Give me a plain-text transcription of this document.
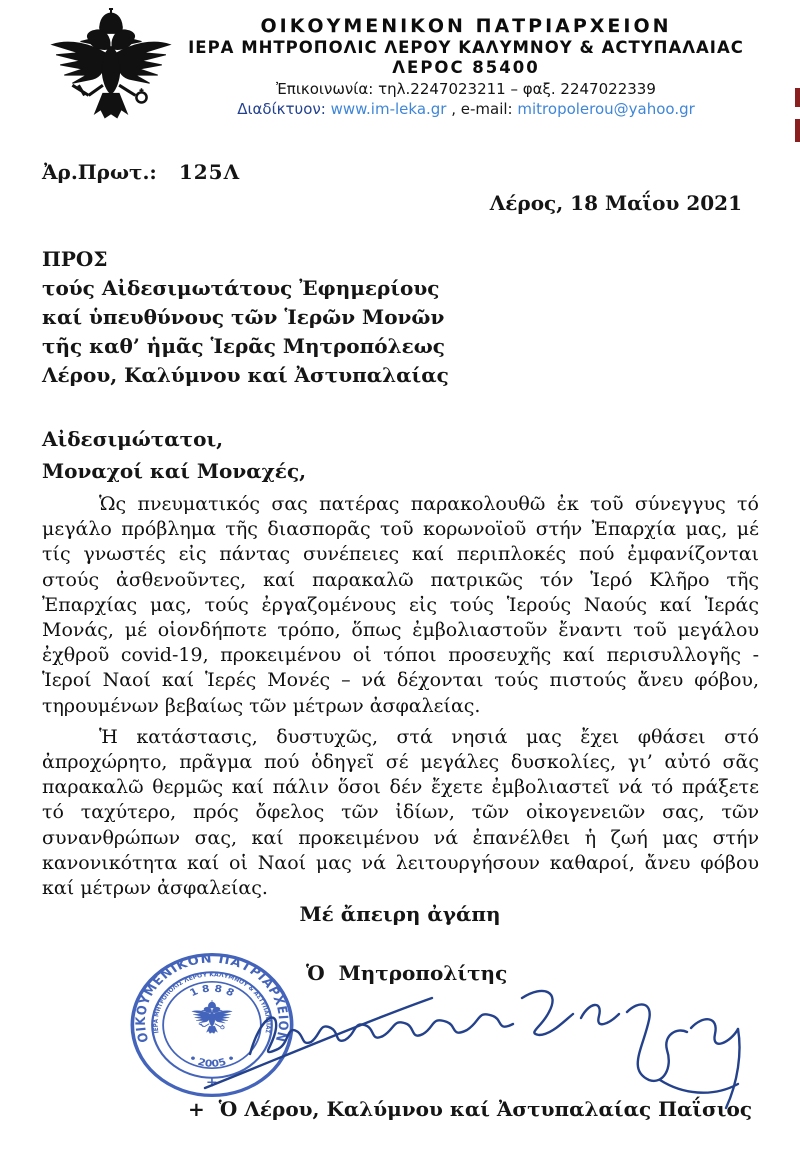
ΟΙΚΟΥΜΕΝΙΚΟΝ ΠΑΤΡΙΑΡΧΕΙΟΝ
ΙΕΡΑ ΜΗΤΡΟΠΟΛΙC ΛΕΡΟΥ ΚΑΛΥΜΝΟΥ & ΑCΤΥΠΑΛΑΙΑC
ΛΕΡΟC 85400
Ἐπικοινωνία: τηλ.2247023211 – φαξ. 2247022339
Διαδίκτυον: www.im-leka.gr , e-mail: mitropolerou@yahoo.gr
Ἀρ.Πρωτ.: 125Λ
Λέρος, 18 Μαΐου 2021
ΠΡΟΣ
τούς Αἰδεσιμωτάτους Ἐφημερίους
καί ὑπευθύνους τῶν Ἱερῶν Μονῶν
τῆς καθ’ ἡμᾶς Ἱερᾶς Μητροπόλεως
Λέρου, Καλύμνου καί Ἀστυπαλαίας
Αἰδεσιμώτατοι,
Μοναχοί καί Μοναχές,

Ὡς πνευματικός σας πατέρας παρακολουθῶ ἐκ τοῦ σύνεγγυς τό μεγάλο πρόβλημα τῆς διασπορᾶς τοῦ κορωνοϊοῦ στήν Ἐπαρχία μας, μέ τίς γνωστές εἰς πάντας συνέπειες καί περιπλοκές πού ἐμφανίζονται στούς ἀσθενοῦντες, καί παρακαλῶ πατρικῶς τόν Ἱερό Κλῆρο τῆς Ἐπαρχίας μας, τούς ἐργαζομένους εἰς τούς Ἱερούς Ναούς καί Ἱεράς Μονάς, μέ οἱονδήποτε τρόπο, ὅπως ἐμβολιαστοῦν ἔναντι τοῦ μεγάλου ἐχθροῦ covid-19, προκειμένου οἱ τόποι προσευχῆς καί περισυλλογῆς - Ἱεροί Ναοί καί Ἱερές Μονές – νά δέχονται τούς πιστούς ἄνευ φόβου, τηρουμένων βεβαίως τῶν μέτρων ἀσφαλείας.

Ἡ κατάστασις, δυστυχῶς, στά νησιά μας ἔχει φθάσει στό ἀπροχώρητο, πρᾶγμα πού ὁδηγεῖ σέ μεγάλες δυσκολίες, γι’ αὐτό σᾶς παρακαλῶ θερμῶς καί πάλιν ὅσοι δέν ἔχετε ἐμβολιαστεῖ νά τό πράξετε τό ταχύτερο, πρός ὄφελος τῶν ἰδίων, τῶν οἰκογενειῶν σας, τῶν συνανθρώπων σας, καί προκειμένου νά ἐπανέλθει ἡ ζωή μας στήν κανονικότητα καί οἱ Ναοί μας νά λειτουργήσουν καθαροί, ἄνευ φόβου καί μέτρων ἀσφαλείας.

Μέ ἄπειρη ἀγάπη
Ὁ  Μητροπολίτης
ΟΙΚΟΥΜΕΝΙΚΟΝ ΠΑΤΡΙΑΡΧΕΙΟΝ
ΙΕΡΑ ΜΗΤΡΟΠΟΛΙΣ ΛΕΡΟΥ ΚΑΛΥΜΝΟΥ & ΑΣΤΥΠΑΛΑΙΑΣ
1 8 8 8
• 2005 •
+
+  Ὁ Λέρου, Καλύμνου καί Ἀστυπαλαίας Παΐσιος
